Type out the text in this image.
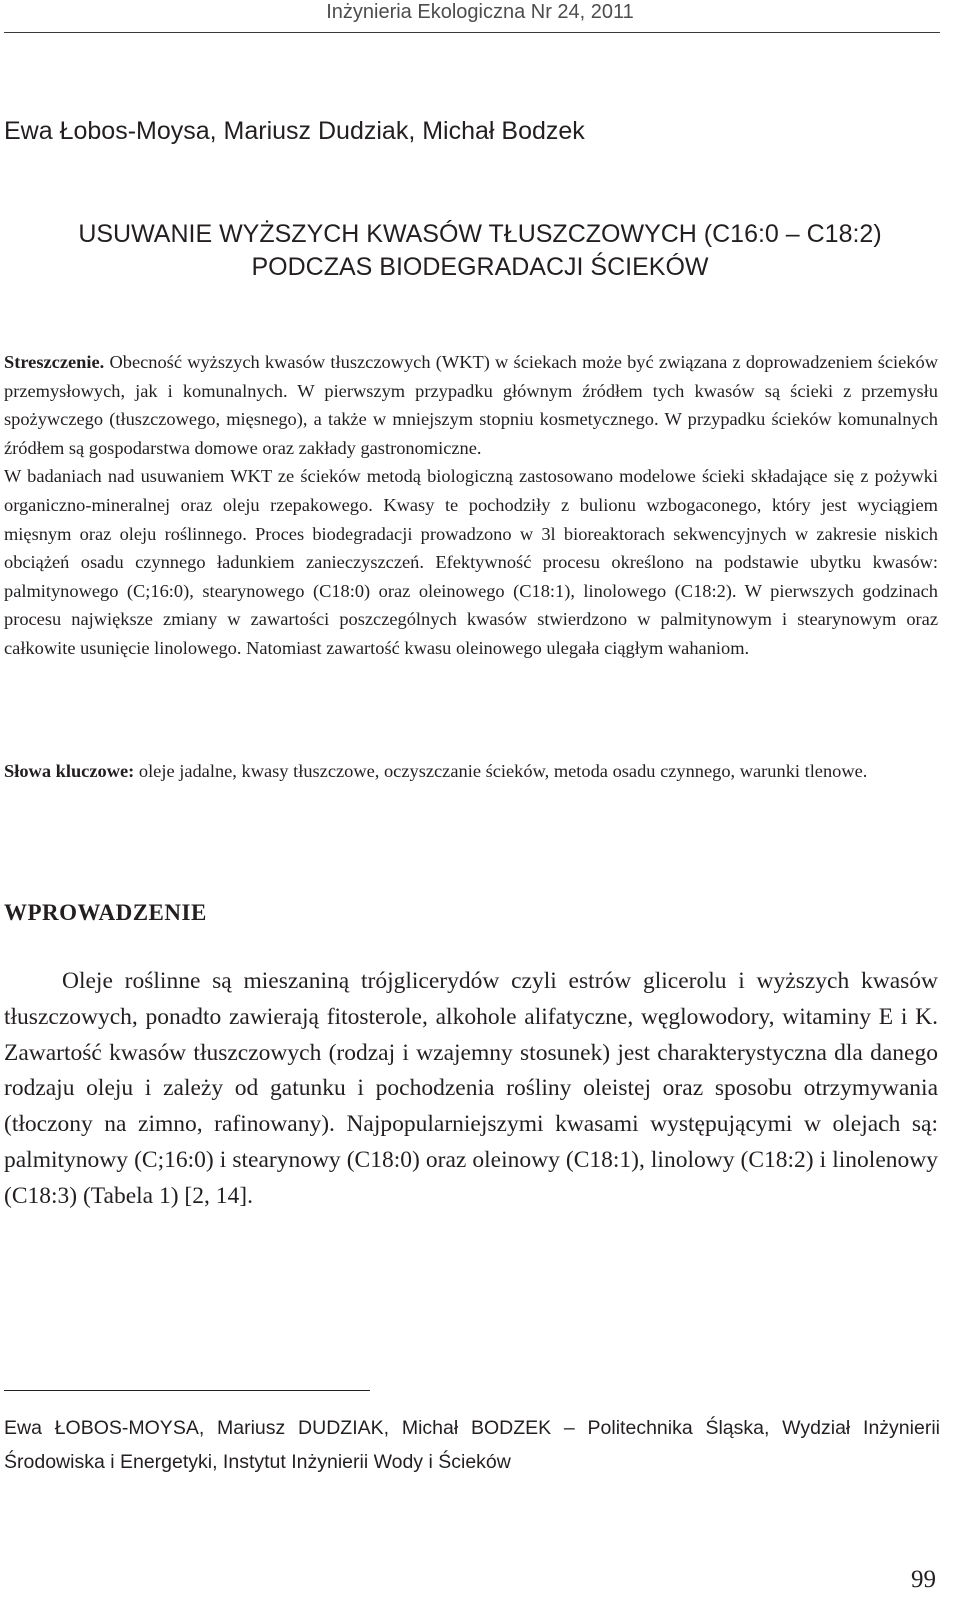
Inżynieria Ekologiczna Nr 24, 2011
Ewa Łobos-Moysa, Mariusz Dudziak, Michał Bodzek
USUWANIE WYŻSZYCH KWASÓW TŁUSZCZOWYCH (C16:0 – C18:2)
PODCZAS BIODEGRADACJI ŚCIEKÓW

Streszczenie. Obecność wyższych kwasów tłuszczowych (WKT) w ściekach może być związana z doprowadzeniem ścieków przemysłowych, jak i komunalnych. W pierwszym przypadku głównym źródłem tych kwasów są ścieki z przemysłu spożywczego (tłuszczowego, mięsnego), a także w mniejszym stopniu kosmetycznego. W przypadku ścieków komunalnych źródłem są gospodarstwa domowe oraz zakłady gastronomiczne.

W badaniach nad usuwaniem WKT ze ścieków metodą biologiczną zastosowano modelowe ścieki składające się z pożywki organiczno-mineralnej oraz oleju rzepakowego. Kwasy te pochodziły z bulionu wzbogaconego, który jest wyciągiem mięsnym oraz oleju roślinnego. Proces biodegradacji prowadzono w 3l bioreaktorach sekwencyjnych w zakresie niskich obciążeń osadu czynnego ładunkiem zanieczyszczeń. Efektywność procesu określono na podstawie ubytku kwasów: palmitynowego (C;16:0), stearynowego (C18:0) oraz oleinowego (C18:1), linolowego (C18:2). W pierwszych godzinach procesu największe zmiany w zawartości poszczególnych kwasów stwierdzono w palmitynowym i stearynowym oraz całkowite usunięcie linolowego. Natomiast zawartość kwasu oleinowego ulegała ciągłym wahaniom.

Słowa kluczowe: oleje jadalne, kwasy tłuszczowe, oczyszczanie ścieków, metoda osadu czynnego, warunki tlenowe.
WPROWADZENIE

Oleje roślinne są mieszaniną trójglicerydów czyli estrów glicerolu i wyższych kwasów tłuszczowych, ponadto zawierają fitosterole, alkohole alifatyczne, węglowodory, witaminy E i K. Zawartość kwasów tłuszczowych (rodzaj i wzajemny stosunek) jest charakterystyczna dla danego rodzaju oleju i zależy od gatunku i pochodzenia rośliny oleistej oraz sposobu otrzymywania (tłoczony na zimno, rafinowany). Najpopularniejszymi kwasami występującymi w olejach są: palmitynowy (C;16:0) i stearynowy (C18:0) oraz oleinowy (C18:1), linolowy (C18:2) i linolenowy (C18:3) (Tabela 1) [2, 14].

Ewa ŁOBOS-MOYSA, Mariusz DUDZIAK, Michał BODZEK – Politechnika Śląska, Wydział Inżynierii Środowiska i Energetyki, Instytut Inżynierii Wody i Ścieków
99
